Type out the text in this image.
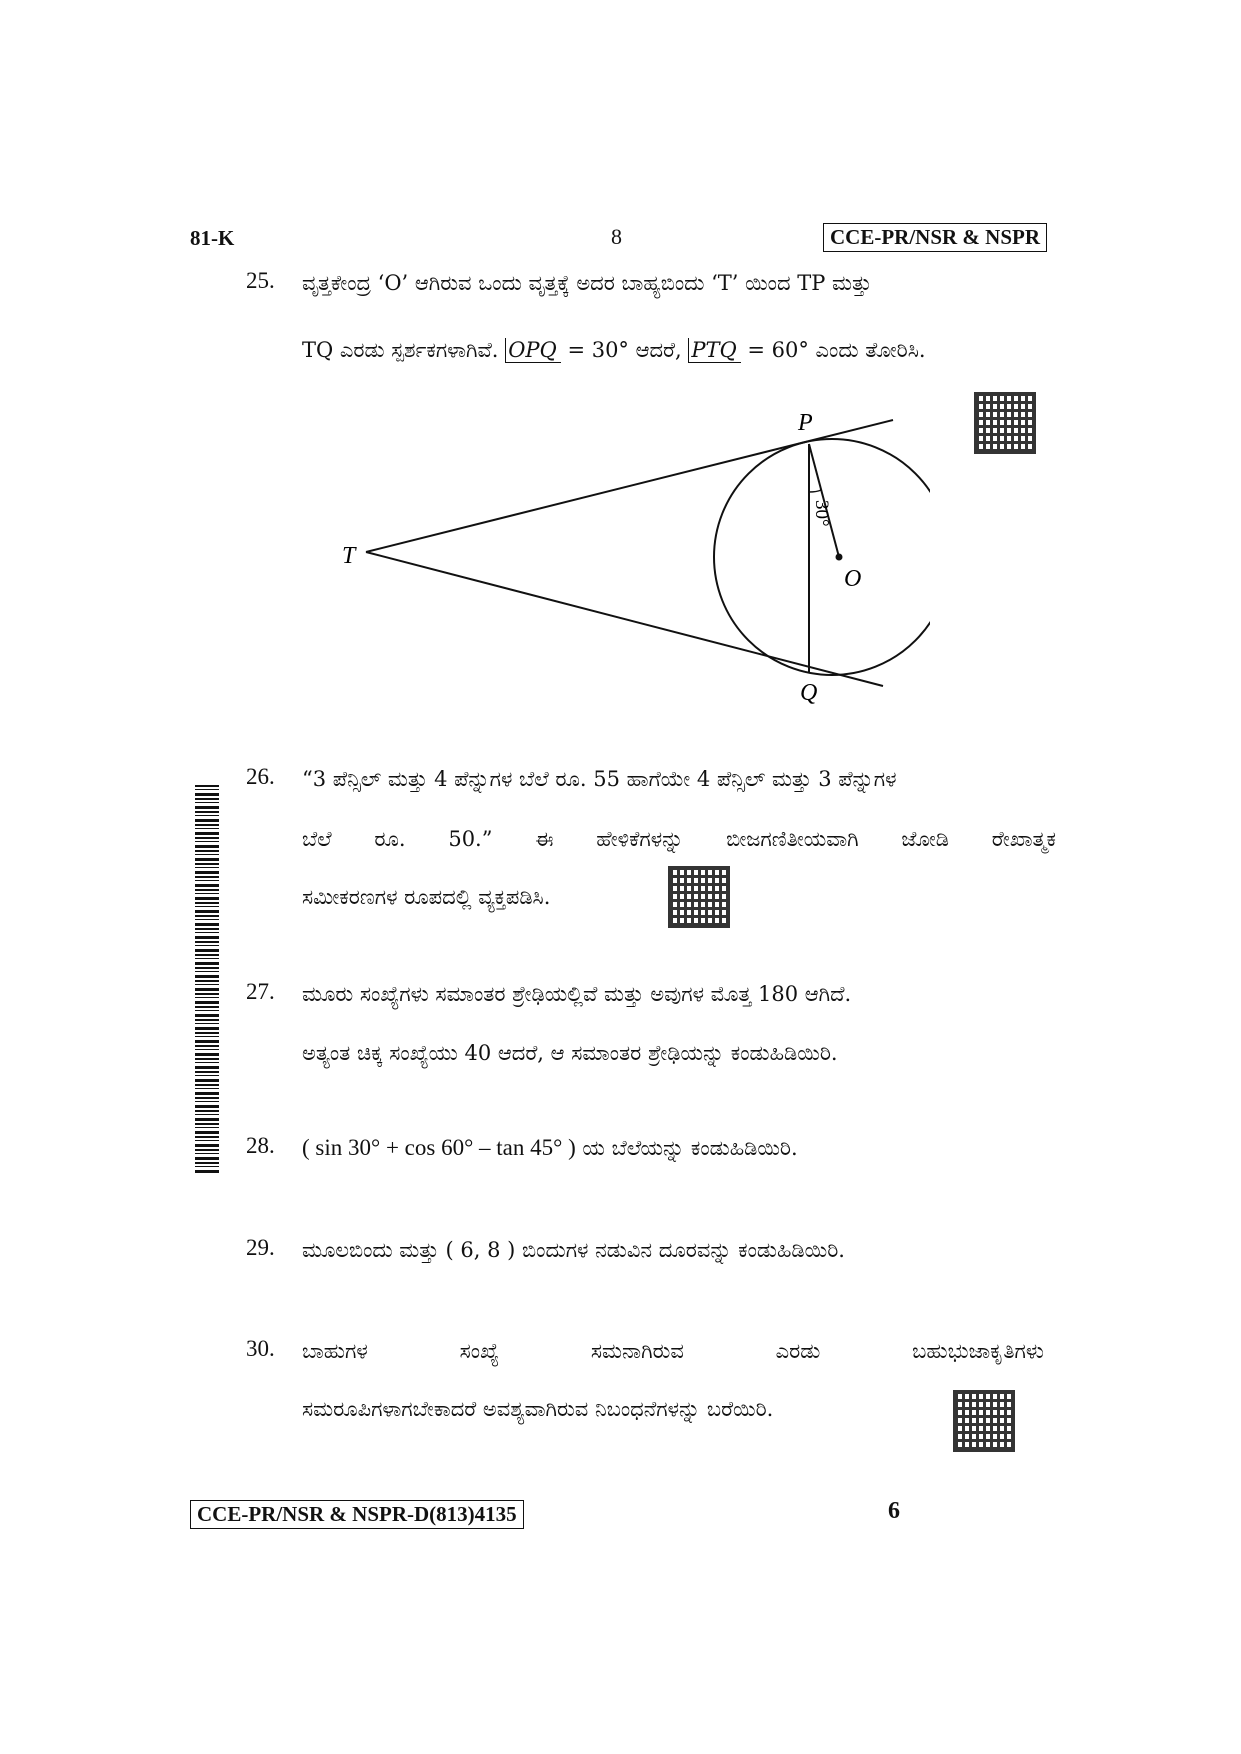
81-K	8	CCE-PR/NSR & NSPR
25. ವೃತ್ತಕೇಂದ್ರ ‘O’ ಆಗಿರುವ ಒಂದು ವೃತ್ತಕ್ಕೆ ಅದರ ಬಾಹ್ಯಬಿಂದು ‘T’ ಯಿಂದ TP ಮತ್ತು
TQ ಎರಡು ಸ್ಪರ್ಶಕಗಳಾಗಿವೆ. OPQ = 30° ಆದರೆ, PTQ = 60° ಎಂದು ತೋರಿಸಿ.
T
P
Q
O
30°
26. “3 ಪೆನ್ಸಿಲ್ ಮತ್ತು 4 ಪೆನ್ನುಗಳ ಬೆಲೆ ರೂ. 55 ಹಾಗೆಯೇ 4 ಪೆನ್ಸಿಲ್ ಮತ್ತು 3 ಪೆನ್ನುಗಳ
ಬೆಲೆ ರೂ. 50.” ಈ ಹೇಳಿಕೆಗಳನ್ನು ಬೀಜಗಣಿತೀಯವಾಗಿ ಜೋಡಿ ರೇಖಾತ್ಮಕ
ಸಮೀಕರಣಗಳ ರೂಪದಲ್ಲಿ ವ್ಯಕ್ತಪಡಿಸಿ.
27. ಮೂರು ಸಂಖ್ಯೆಗಳು ಸಮಾಂತರ ಶ್ರೇಢಿಯಲ್ಲಿವೆ ಮತ್ತು ಅವುಗಳ ಮೊತ್ತ 180 ಆಗಿದೆ.
ಅತ್ಯಂತ ಚಿಕ್ಕ ಸಂಖ್ಯೆಯು 40 ಆದರೆ, ಆ ಸಮಾಂತರ ಶ್ರೇಢಿಯನ್ನು ಕಂಡುಹಿಡಿಯಿರಿ.
28. ( sin 30° + cos 60° – tan 45° ) ಯ ಬೆಲೆಯನ್ನು ಕಂಡುಹಿಡಿಯಿರಿ.
29. ಮೂಲಬಿಂದು ಮತ್ತು ( 6, 8 ) ಬಿಂದುಗಳ ನಡುವಿನ ದೂರವನ್ನು ಕಂಡುಹಿಡಿಯಿರಿ.
30. ಬಾಹುಗಳ	ಸಂಖ್ಯೆ	ಸಮನಾಗಿರುವ	ಎರಡು	ಬಹುಭುಜಾಕೃತಿಗಳು
ಸಮರೂಪಿಗಳಾಗಬೇಕಾದರೆ ಅವಶ್ಯವಾಗಿರುವ ನಿಬಂಧನೆಗಳನ್ನು ಬರೆಯಿರಿ.
CCE-PR/NSR & NSPR-D(813)4135	6
